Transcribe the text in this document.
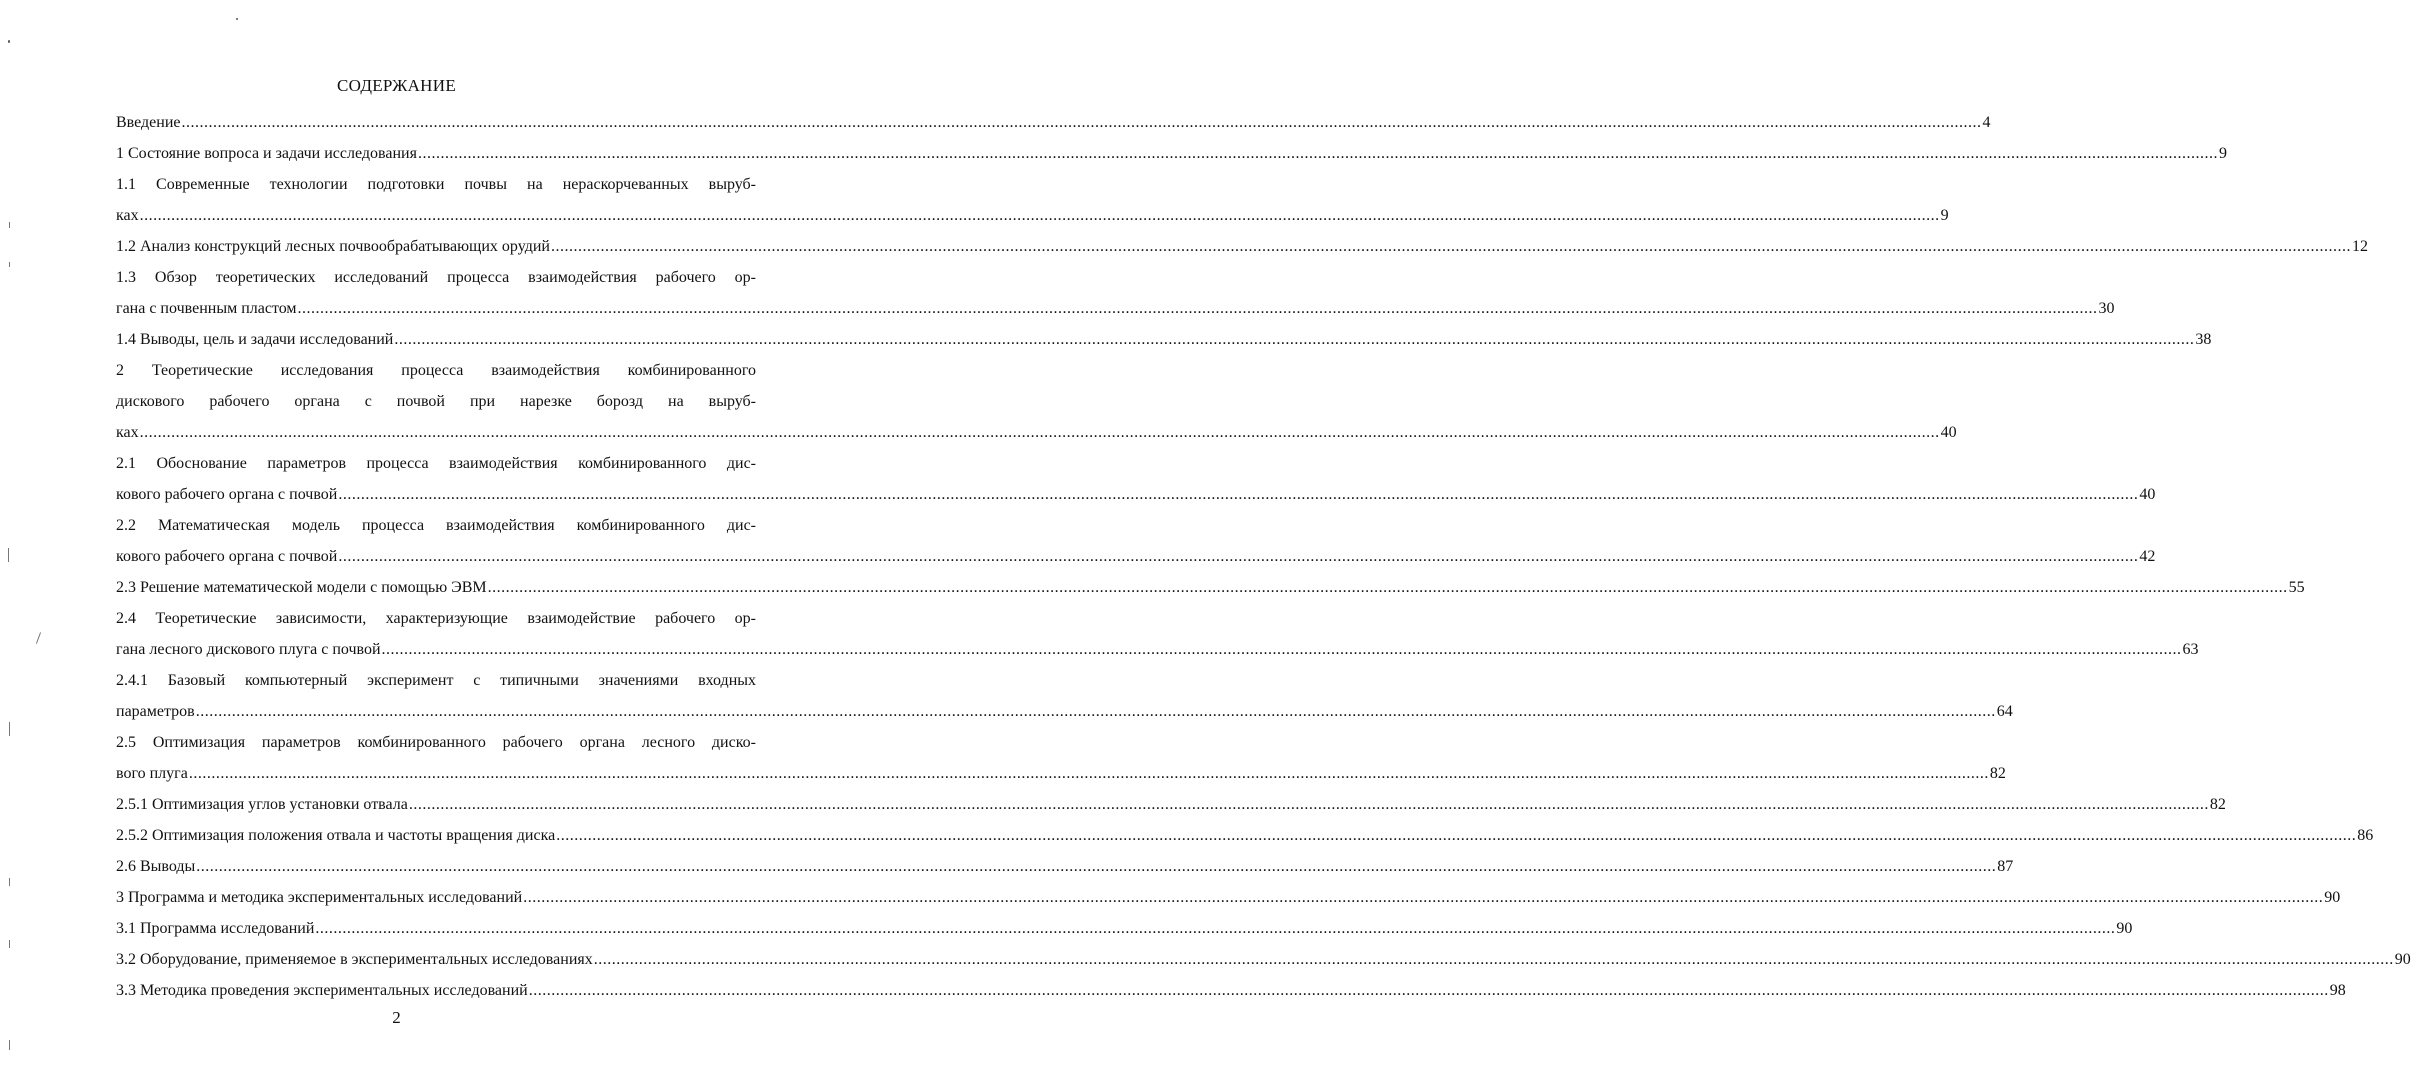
СОДЕРЖАНИЕ
Введение ................................................................................................................................................................................................................................................................................................................................................................................................................ 4
1 Состояние вопроса и задачи исследования ................................................................................................................................................................................................................................................................................................................................................................................................................ 9
1.1 Современные технологии подготовки почвы на нераскорчеванных выруб-
ках ................................................................................................................................................................................................................................................................................................................................................................................................................ 9
1.2 Анализ конструкций лесных почвообрабатывающих орудий ................................................................................................................................................................................................................................................................................................................................................................................................................ 12
1.3 Обзор теоретических исследований процесса взаимодействия рабочего ор-
гана с почвенным пластом ................................................................................................................................................................................................................................................................................................................................................................................................................ 30
1.4 Выводы, цель и задачи исследований ................................................................................................................................................................................................................................................................................................................................................................................................................ 38
2 Теоретические исследования процесса взаимодействия комбинированного
дискового рабочего органа с почвой при нарезке борозд на выруб-
ках ................................................................................................................................................................................................................................................................................................................................................................................................................ 40
2.1 Обоснование параметров процесса взаимодействия комбинированного дис-
кового рабочего органа с почвой ................................................................................................................................................................................................................................................................................................................................................................................................................ 40
2.2 Математическая модель процесса взаимодействия комбинированного дис-
кового рабочего органа с почвой ................................................................................................................................................................................................................................................................................................................................................................................................................ 42
2.3 Решение математической модели с помощью ЭВМ ................................................................................................................................................................................................................................................................................................................................................................................................................ 55
2.4 Теоретические зависимости, характеризующие взаимодействие рабочего ор-
гана лесного дискового плуга с почвой ................................................................................................................................................................................................................................................................................................................................................................................................................ 63
2.4.1 Базовый компьютерный эксперимент с типичными значениями входных
параметров ................................................................................................................................................................................................................................................................................................................................................................................................................ 64
2.5 Оптимизация параметров комбинированного рабочего органа лесного диско-
вого плуга ................................................................................................................................................................................................................................................................................................................................................................................................................ 82
2.5.1 Оптимизация углов установки отвала ................................................................................................................................................................................................................................................................................................................................................................................................................ 82
2.5.2 Оптимизация положения отвала и частоты вращения диска ................................................................................................................................................................................................................................................................................................................................................................................................................ 86
2.6 Выводы ................................................................................................................................................................................................................................................................................................................................................................................................................ 87
3 Программа и методика экспериментальных исследований ................................................................................................................................................................................................................................................................................................................................................................................................................ 90
3.1 Программа исследований ................................................................................................................................................................................................................................................................................................................................................................................................................ 90
3.2 Оборудование, применяемое в экспериментальных исследованиях ................................................................................................................................................................................................................................................................................................................................................................................................................ 90
3.3 Методика проведения экспериментальных исследований ................................................................................................................................................................................................................................................................................................................................................................................................................ 98
2
